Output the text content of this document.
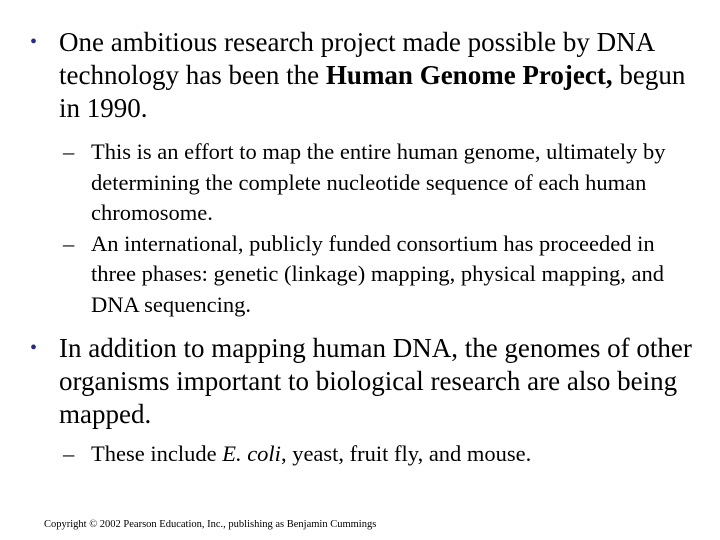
• One ambitious research project made possible by DNA technology has been the Human Genome Project, begun in 1990.
– This is an effort to map the entire human genome, ultimately by determining the complete nucleotide sequence of each human chromosome.
– An international, publicly funded consortium has proceeded in three phases: genetic (linkage) mapping, physical mapping, and DNA sequencing.
• In addition to mapping human DNA, the genomes of other organisms important to biological research are also being mapped.
– These include E. coli, yeast, fruit fly, and mouse.
Copyright © 2002 Pearson Education, Inc., publishing as Benjamin Cummings
